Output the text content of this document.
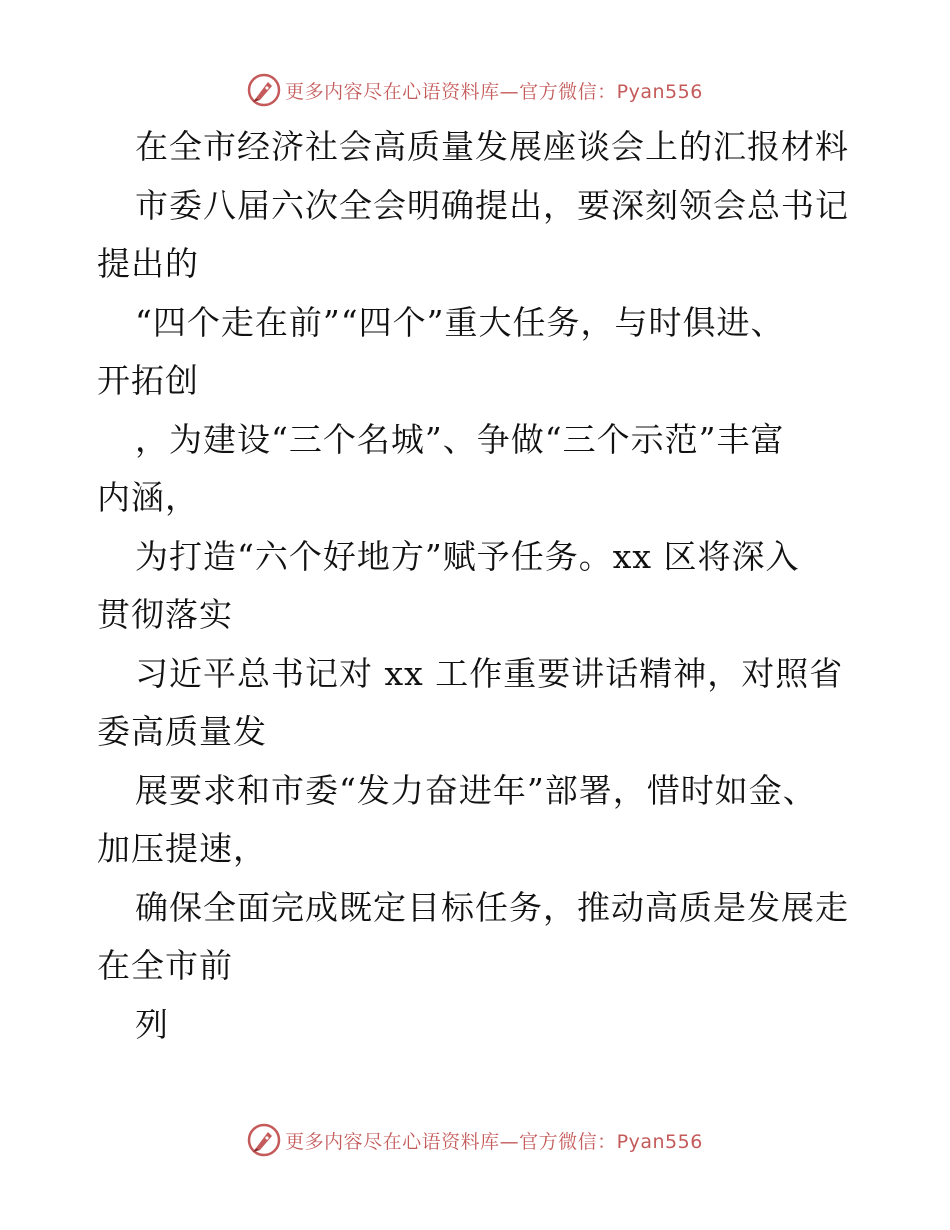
更多内容尽在心语资料库—官方微信：Pyan556
在全市经济社会高质量发展座谈会上的汇报材料
市委八届六次全会明确提出，要深刻领会总书记
提出的
“四个走在前”“四个”重大任务，与时俱进、
开拓创
，为建设“三个名城”、争做“三个示范”丰富
内涵，
为打造“六个好地方”赋予任务。xx 区将深入
贯彻落实
习近平总书记对 xx 工作重要讲话精神，对照省
委高质量发
展要求和市委“发力奋进年”部署，惜时如金、
加压提速，
确保全面完成既定目标任务，推动高质是发展走
在全市前
列
更多内容尽在心语资料库—官方微信：Pyan556
